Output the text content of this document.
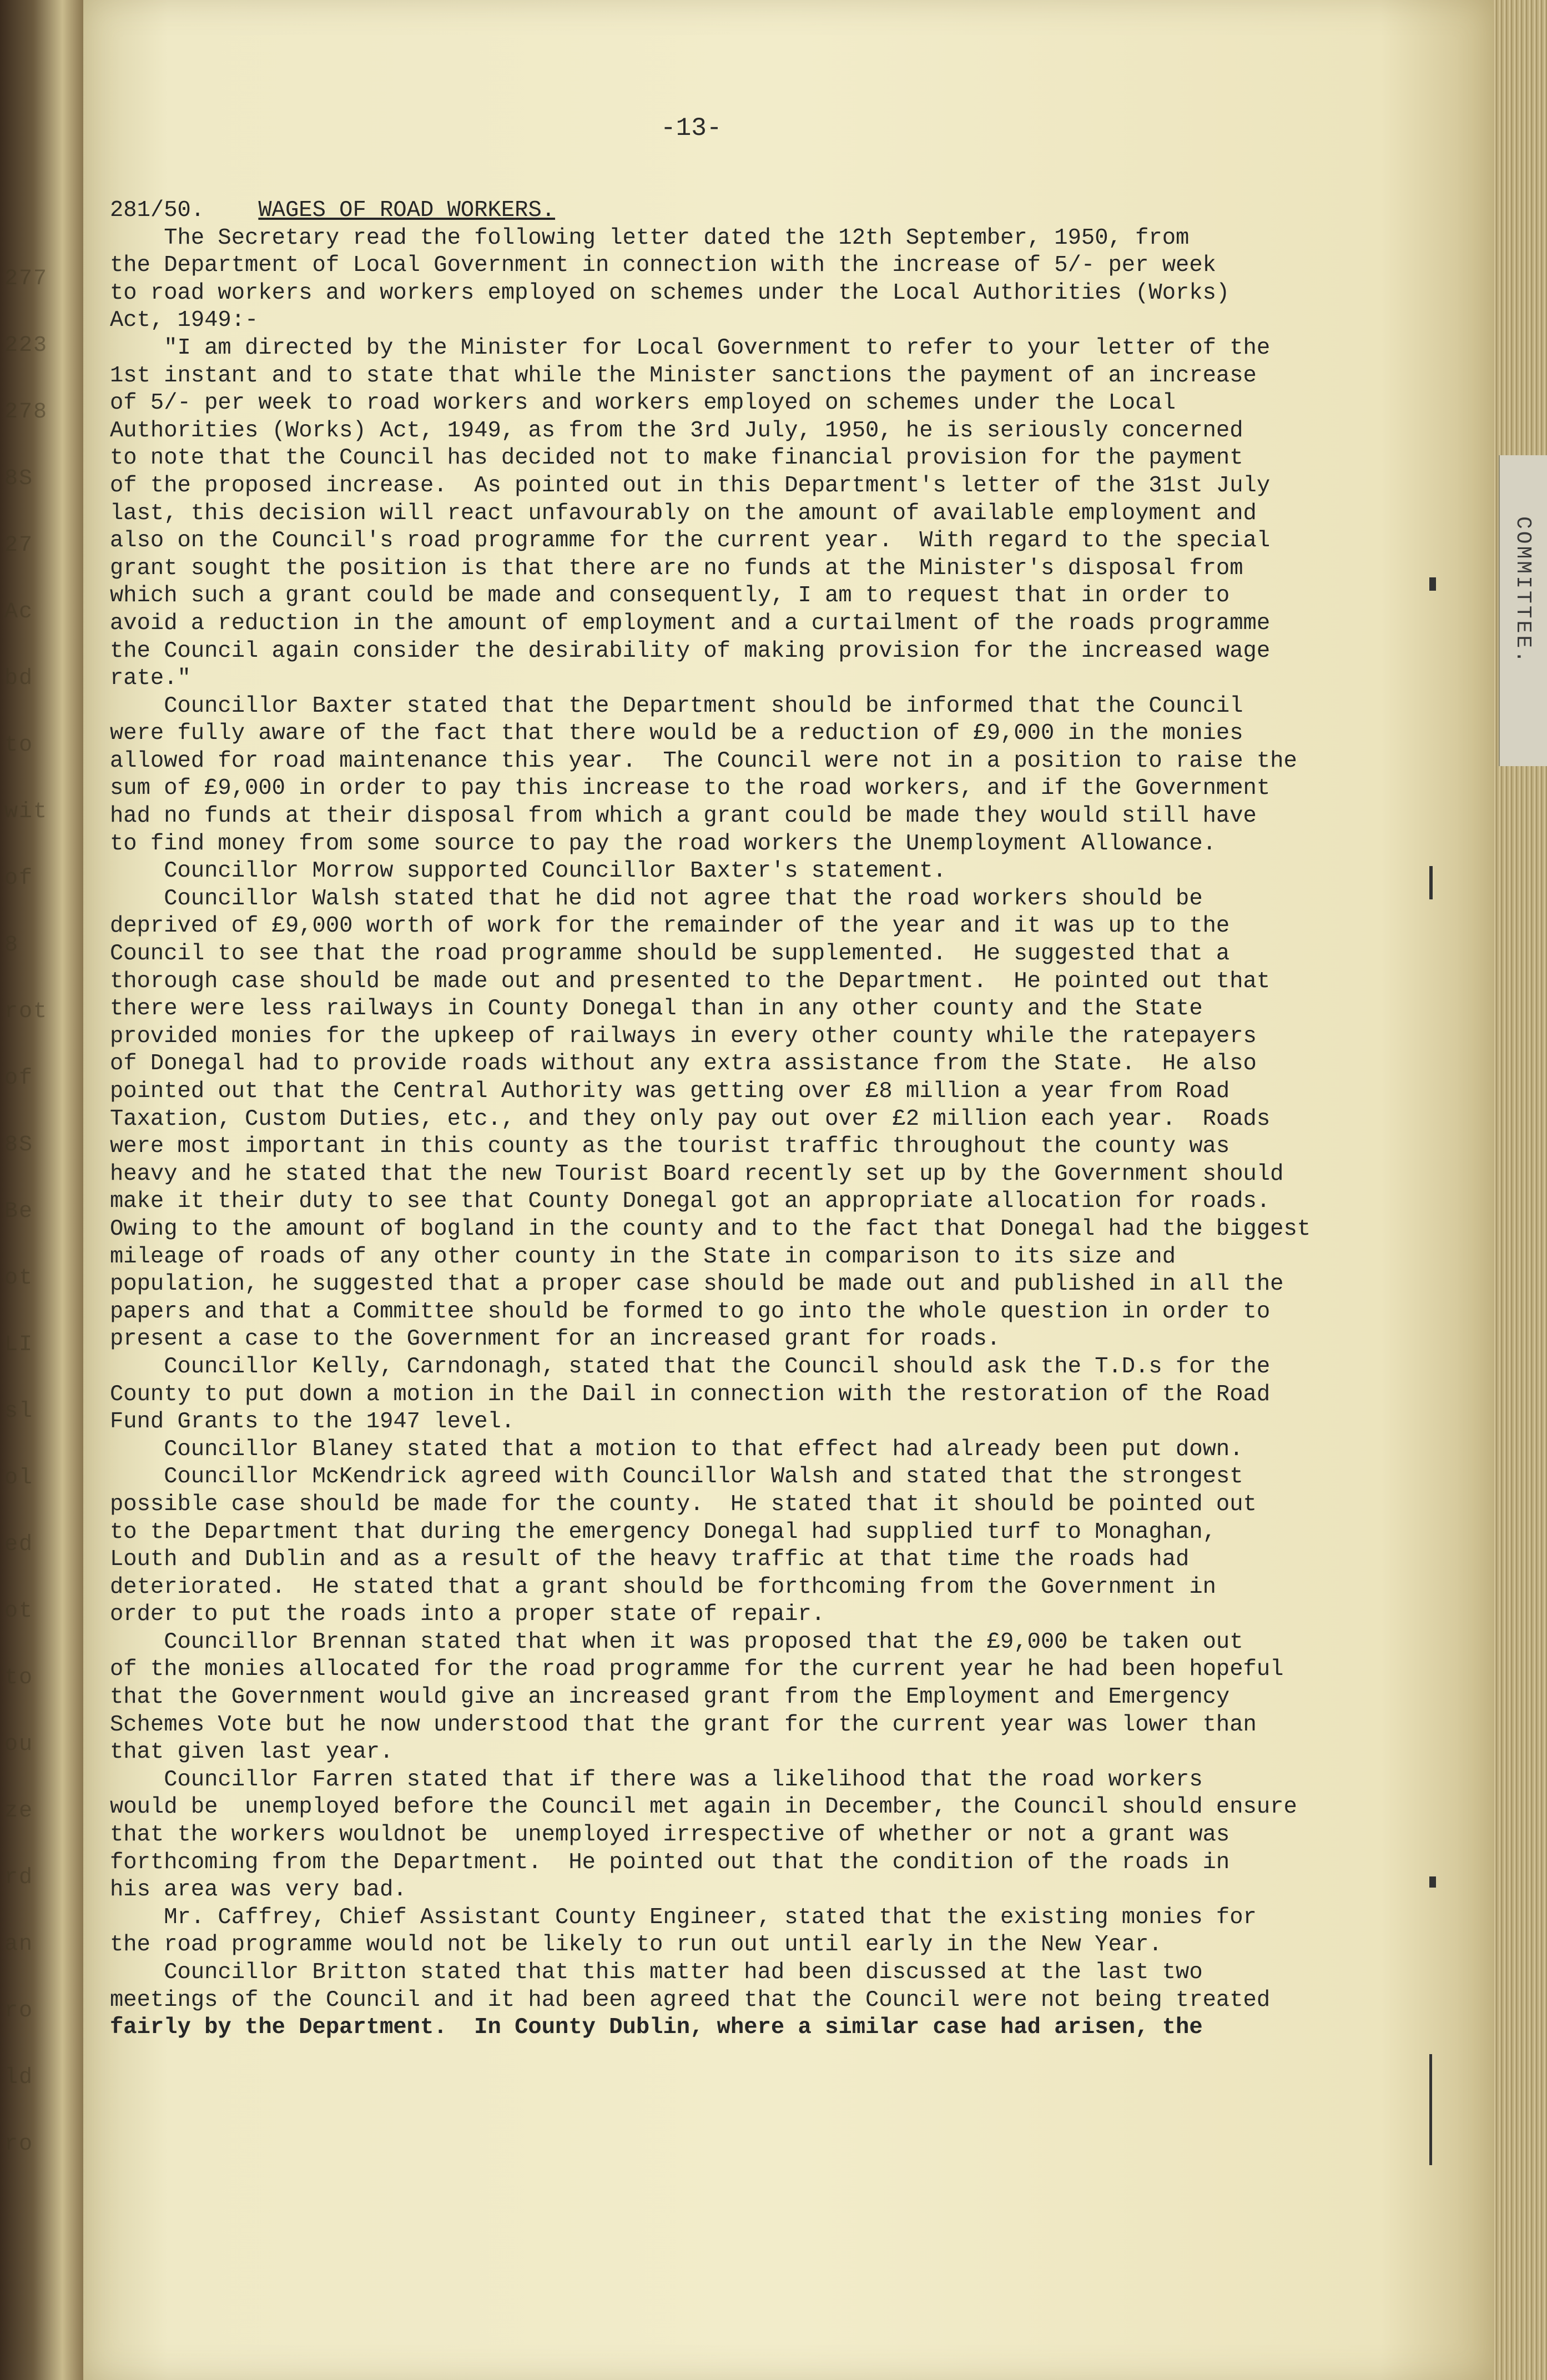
277
223
278
8S
27
Ac
bd
to
wit
of
8
rot
of
8S
Be
ot
LI
sl
ol
ed
ot
to
ou
ze
rd
an
ro
ld
ro
COMMITTEE.
-13-
281/50. WAGES OF ROAD WORKERS.
The Secretary read the following letter dated the 12th September, 1950, from
the Department of Local Government in connection with the increase of 5/- per week
to road workers and workers employed on schemes under the Local Authorities (Works)
Act, 1949:-
"I am directed by the Minister for Local Government to refer to your letter of the
1st instant and to state that while the Minister sanctions the payment of an increase
of 5/- per week to road workers and workers employed on schemes under the Local
Authorities (Works) Act, 1949, as from the 3rd July, 1950, he is seriously concerned
to note that the Council has decided not to make financial provision for the payment
of the proposed increase.  As pointed out in this Department's letter of the 31st July
last, this decision will react unfavourably on the amount of available employment and
also on the Council's road programme for the current year.  With regard to the special
grant sought the position is that there are no funds at the Minister's disposal from
which such a grant could be made and consequently, I am to request that in order to
avoid a reduction in the amount of employment and a curtailment of the roads programme
the Council again consider the desirability of making provision for the increased wage
rate."
Councillor Baxter stated that the Department should be informed that the Council
were fully aware of the fact that there would be a reduction of £9,000 in the monies
allowed for road maintenance this year.  The Council were not in a position to raise the
sum of £9,000 in order to pay this increase to the road workers, and if the Government
had no funds at their disposal from which a grant could be made they would still have
to find money from some source to pay the road workers the Unemployment Allowance.
Councillor Morrow supported Councillor Baxter's statement.
Councillor Walsh stated that he did not agree that the road workers should be
deprived of £9,000 worth of work for the remainder of the year and it was up to the
Council to see that the road programme should be supplemented.  He suggested that a
thorough case should be made out and presented to the Department.  He pointed out that
there were less railways in County Donegal than in any other county and the State
provided monies for the upkeep of railways in every other county while the ratepayers
of Donegal had to provide roads without any extra assistance from the State.  He also
pointed out that the Central Authority was getting over £8 million a year from Road
Taxation, Custom Duties, etc., and they only pay out over £2 million each year.  Roads
were most important in this county as the tourist traffic throughout the county was
heavy and he stated that the new Tourist Board recently set up by the Government should
make it their duty to see that County Donegal got an appropriate allocation for roads.
Owing to the amount of bogland in the county and to the fact that Donegal had the biggest
mileage of roads of any other county in the State in comparison to its size and
population, he suggested that a proper case should be made out and published in all the
papers and that a Committee should be formed to go into the whole question in order to
present a case to the Government for an increased grant for roads.
Councillor Kelly, Carndonagh, stated that the Council should ask the T.D.s for the
County to put down a motion in the Dail in connection with the restoration of the Road
Fund Grants to the 1947 level.
Councillor Blaney stated that a motion to that effect had already been put down.
Councillor McKendrick agreed with Councillor Walsh and stated that the strongest
possible case should be made for the county.  He stated that it should be pointed out
to the Department that during the emergency Donegal had supplied turf to Monaghan,
Louth and Dublin and as a result of the heavy traffic at that time the roads had
deteriorated.  He stated that a grant should be forthcoming from the Government in
order to put the roads into a proper state of repair.
Councillor Brennan stated that when it was proposed that the £9,000 be taken out
of the monies allocated for the road programme for the current year he had been hopeful
that the Government would give an increased grant from the Employment and Emergency
Schemes Vote but he now understood that the grant for the current year was lower than
that given last year.
Councillor Farren stated that if there was a likelihood that the road workers
would be  unemployed before the Council met again in December, the Council should ensure
that the workers wouldnot be  unemployed irrespective of whether or not a grant was
forthcoming from the Department.  He pointed out that the condition of the roads in
his area was very bad.
Mr. Caffrey, Chief Assistant County Engineer, stated that the existing monies for
the road programme would not be likely to run out until early in the New Year.
Councillor Britton stated that this matter had been discussed at the last two
meetings of the Council and it had been agreed that the Council were not being treated
fairly by the Department.  In County Dublin, where a similar case had arisen, the
